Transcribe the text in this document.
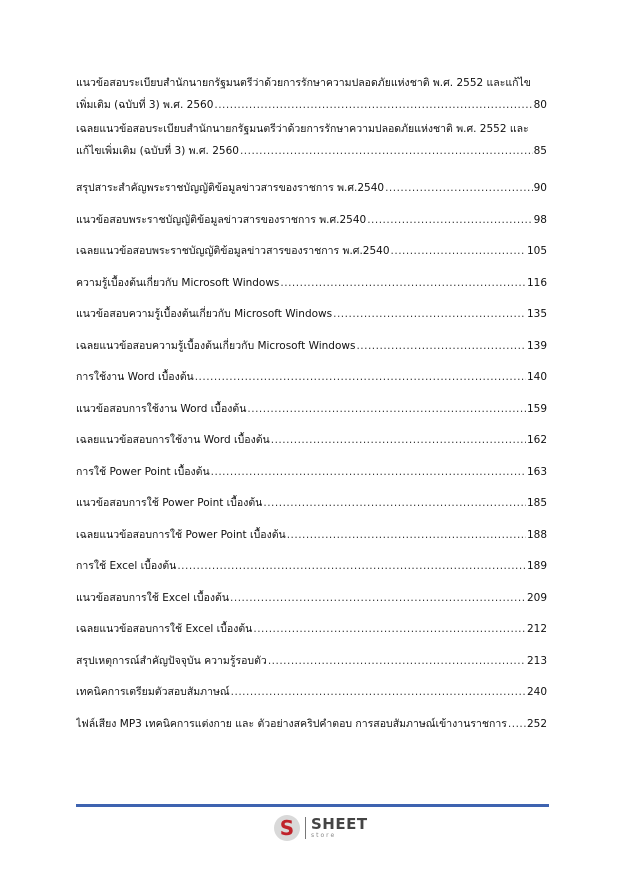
แนวข้อสอบระเบียบสำนักนายกรัฐมนตรีว่าด้วยการรักษาความปลอดภัยแห่งชาติ พ.ศ. 2552 และแก้ไข
เพิ่มเติม (ฉบับที่ 3) พ.ศ. 2560 .....	80
เฉลยแนวข้อสอบระเบียบสำนักนายกรัฐมนตรีว่าด้วยการรักษาความปลอดภัยแห่งชาติ พ.ศ. 2552 และ
แก้ไขเพิ่มเติม (ฉบับที่ 3) พ.ศ. 2560 .....	85
สรุปสาระสำคัญพระราชบัญญัติข้อมูลข่าวสารของราชการ พ.ศ.2540 .....	90
แนวข้อสอบพระราชบัญญัติข้อมูลข่าวสารของราชการ พ.ศ.2540 .....	98
เฉลยแนวข้อสอบพระราชบัญญัติข้อมูลข่าวสารของราชการ พ.ศ.2540 .....	105
ความรู้เบื้องต้นเกี่ยวกับ Microsoft Windows .....	116
แนวข้อสอบความรู้เบื้องต้นเกี่ยวกับ Microsoft Windows .....	135
เฉลยแนวข้อสอบความรู้เบื้องต้นเกี่ยวกับ Microsoft Windows .....	139
การใช้งาน Word เบื้องต้น .....	140
แนวข้อสอบการใช้งาน Word เบื้องต้น .....	159
เฉลยแนวข้อสอบการใช้งาน Word เบื้องต้น .....	162
การใช้ Power Point เบื้องต้น .....	163
แนวข้อสอบการใช้ Power Point เบื้องต้น .....	185
เฉลยแนวข้อสอบการใช้ Power Point เบื้องต้น .....	188
การใช้ Excel เบื้องต้น .....	189
แนวข้อสอบการใช้ Excel เบื้องต้น .....	209
เฉลยแนวข้อสอบการใช้ Excel เบื้องต้น .....	212
สรุปเหตุการณ์สำคัญปัจจุบัน ความรู้รอบตัว .....	213
เทคนิคการเตรียมตัวสอบสัมภาษณ์ .....	240
ไฟล์เสียง MP3 เทคนิคการแต่งกาย และ ตัวอย่างสคริปคำตอบ การสอบสัมภาษณ์เข้างานราชการ ..... 252
S SHEET
store
